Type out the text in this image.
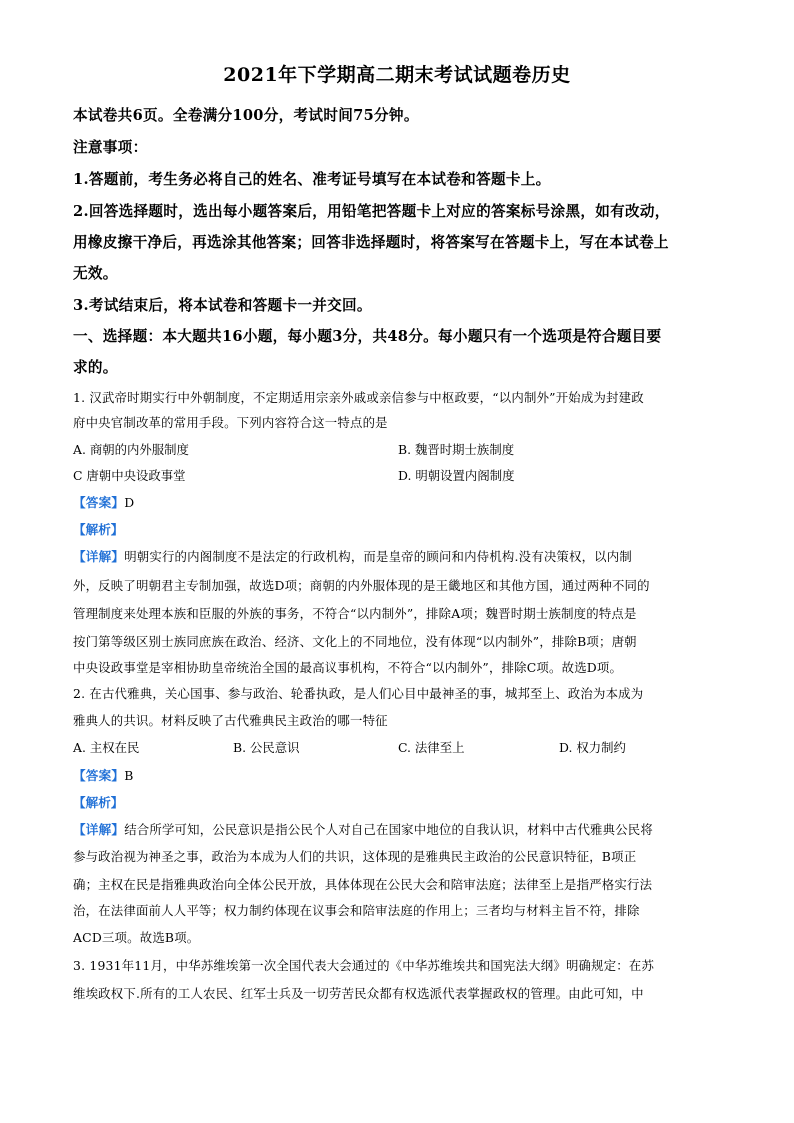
2021年下学期高二期末考试试题卷历史
本试卷共6页。全卷满分100分，考试时间75分钟。
注意事项：
1.答题前，考生务必将自己的姓名、准考证号填写在本试卷和答题卡上。
2.回答选择题时，选出每小题答案后，用铅笔把答题卡上对应的答案标号涂黑，如有改动，
用橡皮擦干净后，再选涂其他答案；回答非选择题时，将答案写在答题卡上，写在本试卷上
无效。
3.考试结束后，将本试卷和答题卡一并交回。
一、选择题：本大题共16小题，每小题3分，共48分。每小题只有一个选项是符合题目要
求的。
1. 汉武帝时期实行中外朝制度，不定期适用宗亲外戚或亲信参与中枢政要，“以内制外”开始成为封建政
府中央官制改革的常用手段。下列内容符合这一特点的是
A. 商朝的内外服制度	B. 魏晋时期士族制度
C 唐朝中央设政事堂	D. 明朝设置内阁制度
【答案】D
【解析】
【详解】明朝实行的内阁制度不是法定的行政机构，而是皇帝的顾问和内侍机构.没有决策权，以内制
外，反映了明朝君主专制加强，故选D项；商朝的内外服体现的是王畿地区和其他方国，通过两种不同的
管理制度来处理本族和臣服的外族的事务，不符合“以内制外”，排除A项；魏晋时期士族制度的特点是
按门第等级区别士族同庶族在政治、经济、文化上的不同地位，没有体现“以内制外”，排除B项；唐朝
中央设政事堂是宰相协助皇帝统治全国的最高议事机构，不符合“以内制外”，排除C项。故选D项。
2. 在古代雅典，关心国事、参与政治、轮番执政，是人们心目中最神圣的事，城邦至上、政治为本成为
雅典人的共识。材料反映了古代雅典民主政治的哪一特征
A. 主权在民	B. 公民意识	C. 法律至上	D. 权力制约
【答案】B
【解析】
【详解】结合所学可知，公民意识是指公民个人对自己在国家中地位的自我认识，材料中古代雅典公民将
参与政治视为神圣之事，政治为本成为人们的共识，这体现的是雅典民主政治的公民意识特征，B项正
确；主权在民是指雅典政治向全体公民开放，具体体现在公民大会和陪审法庭；法律至上是指严格实行法
治，在法律面前人人平等；权力制约体现在议事会和陪审法庭的作用上；三者均与材料主旨不符，排除
ACD三项。故选B项。
3. 1931年11月，中华苏维埃第一次全国代表大会通过的《中华苏维埃共和国宪法大纲》明确规定：在苏
维埃政权下.所有的工人农民、红军士兵及一切劳苦民众都有权选派代表掌握政权的管理。由此可知，中
